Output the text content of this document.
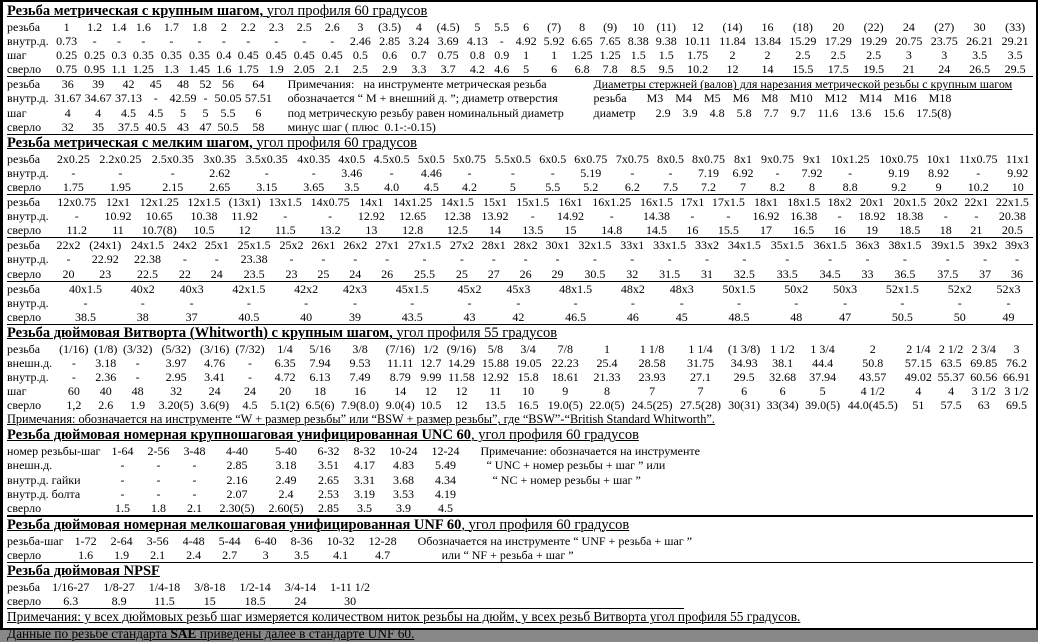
Резьба метрическая с крупным шагом, угол профиля 60 градусов
резьба	1	1.2	1.4	1.6	1.7	1.8	2	2.2	2.3	2.5	2.6	3	(3.5)	4	(4.5)	5	5.5	6	(7)	8	(9)	10	(11)	12	(14)	16	(18)	20	(22)	24	(27)	30	(33)
внутр.д.	0.73	-	-	-	-	-	-	-	-	-	-	2.46	2.85	3.24	3.69	4.13	-	4.92	5.92	6.65	7.65	8.38	9.38	10.11	11.84	13.84	15.29	17.29	19.29	20.75	23.75	26.21	29.21
шаг	0.25	0.25	0.3	0.35	0.35	0.35	0.4	0.45	0.45	0.45	0.45	0.5	0.6	0.7	0.75	0.8	0.9	1	1	1.25	1.25	1.5	1.5	1.75	2	2	2.5	2.5	2.5	3	3	3.5	3.5
сверло	0.75	0.95	1.1	1.25	1.3	1.45	1.6	1.75	1.9	2.05	2.1	2.5	2.9	3.3	3.7	4.2	4.6	5	6	6.8	7.8	8.5	9.5	10.2	12	14	15.5	17.5	19.5	21	24	26.5	29.5
резьба	36	39	42	45	48	52	56	64	Примечания:   на инструменте метрическая резьба	Диаметры стержней (валов) для нарезания метрической резьбы с крупным шагом
внутр.д.	31.67	34.67	37.13	-	42.59	-	50.05	57.51	обозначается “ М + внешний д. ”; диаметр отверстия	резьба М3 М4 М5 М6 М8 М10 М12 М14 М16 М18
шаг	4	4	4.5	4.5	5	5	5.5	6	под метрическую резьбу равен номинальный диаметр	диаметр 2.9 3.9 4.8 5.8 7.7 9.7 11.6 13.6 15.6 17.5(8)
сверло	32	35	37.5	40.5	43	47	50.5	58	минус шаг ( плюс  0.1-:-0.15)	
Резьба метрическая с мелким шагом, угол профиля 60 градусов
резьба	2x0.25	2.2x0.25	2.5x0.35	3x0.35	3.5x0.35	4x0.35	4x0.5	4.5x0.5	5x0.5	5x0.75	5.5x0.5	6x0.5	6x0.75	7x0.75	8x0.5	8x0.75	8x1	9x0.75	9x1	10x1.25	10x0.75	10x1	11x0.75	11x1
внутр.д.	-	-	-	2.62	-	-	3.46	-	4.46	-	-	-	5.19	-	-	7.19	6.92	-	7.92	-	9.19	8.92	-	9.92
сверло	1.75	1.95	2.15	2.65	3.15	3.65	3.5	4.0	4.5	4.2	5	5.5	5.2	6.2	7.5	7.2	7	8.2	8	8.8	9.2	9	10.2	10
резьба	12x0.75	12x1	12x1.25	12x1.5	(13x1)	13x1.5	14x0.75	14x1	14x1.25	14x1.5	15x1	15x1.5	16x1	16x1.25	16x1.5	17x1	17x1.5	18x1	18x1.5	18x2	20x1	20x1.5	20x2	22x1	22x1.5
внутр.д.	-	10.92	10.65	10.38	11.92	-	-	12.92	12.65	12.38	13.92	-	14.92	-	14.38	-	-	16.92	16.38	-	18.92	18.38	-	-	20.38
сверло	11.2	11	10.7(8)	10.5	12	11.5	13.2	13	12.8	12.5	14	13.5	15	14.8	14.5	16	15.5	17	16.5	16	19	18.5	18	21	20.5
резьба	22x2	(24x1)	24x1.5	24x2	25x1	25x1.5	25x2	26x1	26x2	27x1	27x1.5	27x2	28x1	28x2	30x1	32x1.5	33x1	33x1.5	33x2	34x1.5	35x1.5	36x1.5	36x3	38x1.5	39x1.5	39x2	39x3
внутр.д.	-	22.92	22.38	-	-	23.38	-	-	-	-	-	-	-	-	-	-	-	-	-	-	-	-	-	-	-	-	-
сверло	20	23	22.5	22	24	23.5	23	25	24	26	25.5	25	27	26	29	30.5	32	31.5	31	32.5	33.5	34.5	33	36.5	37.5	37	36
резьба	40x1.5	40x2	40x3	42x1.5	42x2	42x3	45x1.5	45x2	45x3	48x1.5	48x2	48x3	50x1.5	50x2	50x3	52x1.5	52x2	52x3
внутр.д.	-	-	-	-	-	-	-	-	-	-	-	-	-	-	-	-	-	-
сверло	38.5	38	37	40.5	40	39	43.5	43	42	46.5	46	45	48.5	48	47	50.5	50	49
Резьба дюймовая Витворта (Whitworth) с крупным шагом, угол профиля 55 градусов
резьба	(1/16)	(1/8)	(3/32)	(5/32)	(3/16)	(7/32)	1/4	5/16	3/8	(7/16)	1/2	(9/16)	5/8	3/4	7/8	1	1 1/8	1 1/4	(1 3/8)	1 1/2	1 3/4	2	2 1/4	2 1/2	2 3/4	3
внешн.д.	-	3.18	-	3.97	4.76	-	6.35	7.94	9.53	11.11	12.7	14.29	15.88	19.05	22.23	25.4	28.58	31.75	34.93	38.1	44.4	50.8	57.15	63.5	69.85	76.2
внутр.д.	-	2.36	-	2.95	3.41	-	4.72	6.13	7.49	8.79	9.99	11.58	12.92	15.8	18.61	21.33	23.93	27.1	29.5	32.68	37.94	43.57	49.02	55.37	60.56	66.91
шаг	60	40	48	32	24	24	20	18	16	14	12	12	11	10	9	8	7	7	6	6	5	4 1/2	4	4	3 1/2	3 1/2
сверло	1,2	2.6	1.9	3.20(5)	3.6(9)	4.5	5.1(2)	6.5(6)	7.9(8.0)	9.0(4)	10.5	12	13.5	16.5	19.0(5)	22.0(5)	24.5(25)	27.5(28)	30(31)	33(34)	39.0(5)	44.0(45.5)	51	57.5	63	69.5
Примечания: обозначается на инструменте “W + размер резьбы” или “BSW + размер резьбы”, где “BSW”-“British Standard Whitworth”.
Резьба дюймовая номерная крупношаговая унифицированная UNC 60, угол профиля 60 градусов
номер резьбы-шаг	1-64	2-56	3-48	4-40	5-40	6-32	8-32	10-24	12-24	Примечание: обозначается на инструменте	
внешн.д.	-	-	-	2.85	3.18	3.51	4.17	4.83	5.49	“ UNC + номер резьбы + шаг ” или	
внутр.д. гайки	-	-	-	2.16	2.49	2.65	3.31	3.68	4.34	“ NC + номер резьбы + шаг ”	
внутр.д. болта	-	-	-	2.07	2.4	2.53	3.19	3.53	4.19		
сверло	1.5	1.8	2.1	2.30(5)	2.60(5)	2.85	3.5	3.9	4.5		
Резьба дюймовая номерная мелкошаговая унифицированная UNF 60, угол профиля 60 градусов
резьба-шаг	1-72	2-64	3-56	4-48	5-44	6-40	8-36	10-32	12-28	Обозначается на инструменте “ UNF + резьба + шаг ”	
сверло	1.6	1.9	2.1	2.4	2.7	3	3.5	4.1	4.7	или “ NF + резьба + шаг ”	
Резьба дюймовая NPSF
резьба	1/16-27	1/8-27	1/4-18	3/8-18	1/2-14	3/4-14	1-11 1/2	
сверло	6.3	8.9	11.5	15	18.5	24	30	
Примечания: у всех дюймовых резьб шаг измеряется количеством ниток резьбы на дюйм, у всех резьб Витворта угол профиля 55 градусов.
Данные по резьбе стандарта SAE приведены далее в стандарте UNF 60.
